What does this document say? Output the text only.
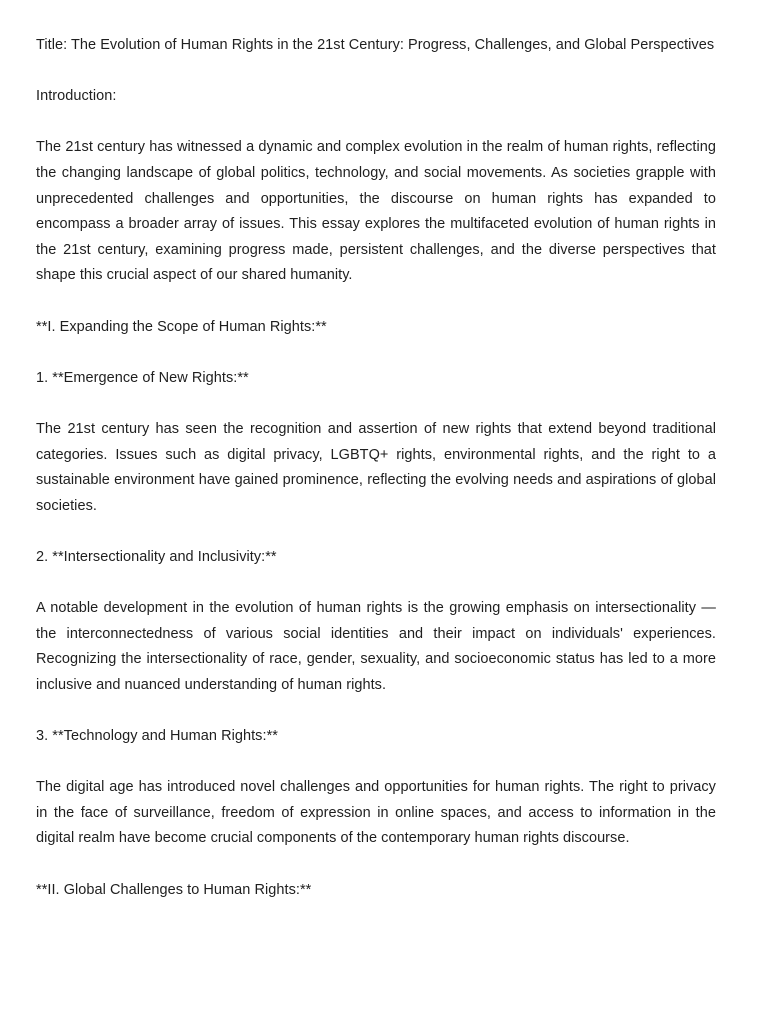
Title: The Evolution of Human Rights in the 21st Century: Progress, Challenges, and Global Perspectives

Introduction:

The 21st century has witnessed a dynamic and complex evolution in the realm of human rights, reflecting the changing landscape of global politics, technology, and social movements. As societies grapple with unprecedented challenges and opportunities, the discourse on human rights has expanded to encompass a broader array of issues. This essay explores the multifaceted evolution of human rights in the 21st century, examining progress made, persistent challenges, and the diverse perspectives that shape this crucial aspect of our shared humanity.

**I. Expanding the Scope of Human Rights:**

1. **Emergence of New Rights:**

The 21st century has seen the recognition and assertion of new rights that extend beyond traditional categories. Issues such as digital privacy, LGBTQ+ rights, environmental rights, and the right to a sustainable environment have gained prominence, reflecting the evolving needs and aspirations of global societies.

2. **Intersectionality and Inclusivity:**

A notable development in the evolution of human rights is the growing emphasis on intersectionality — the interconnectedness of various social identities and their impact on individuals' experiences. Recognizing the intersectionality of race, gender, sexuality, and socioeconomic status has led to a more inclusive and nuanced understanding of human rights.

3. **Technology and Human Rights:**

The digital age has introduced novel challenges and opportunities for human rights. The right to privacy in the face of surveillance, freedom of expression in online spaces, and access to information in the digital realm have become crucial components of the contemporary human rights discourse.

**II. Global Challenges to Human Rights:**
